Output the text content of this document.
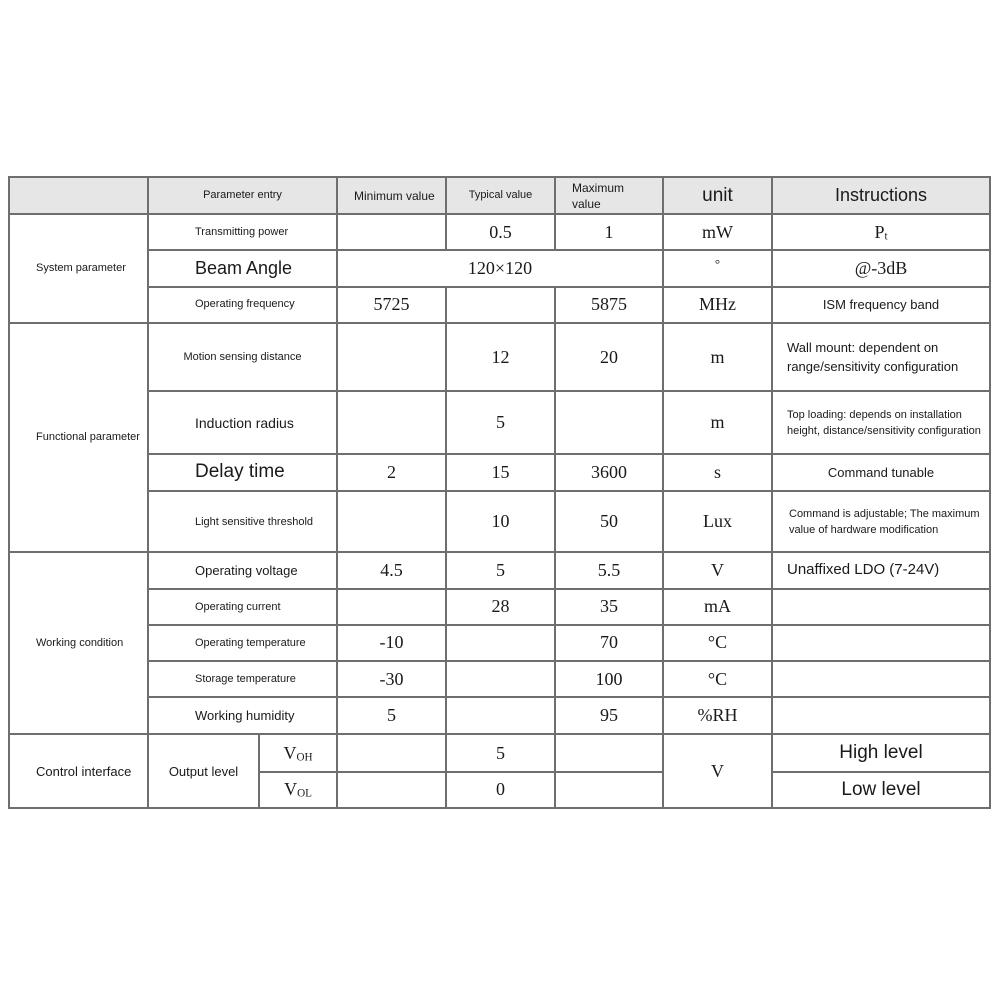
	Parameter entry		Minimum value	Typical value	Maximum value	unit	Instructions
System parameter	Transmitting power			0.5	1	mW	Pt
	Beam Angle		120×120			°	@-3dB
	Operating frequency		5725		5875	MHz	ISM frequency band
Functional parameter	Motion sensing distance			12	20	m	Wall mount: dependent on range/sensitivity configuration
	Induction radius			5		m	Top loading: depends on installation height, distance/sensitivity configuration
	Delay time		2	15	3600	s	Command tunable
	Light sensitive threshold			10	50	Lux	Command is adjustable; The maximum value of hardware modification
Working condition	Operating voltage		4.5	5	5.5	V	Unaffixed LDO (7-24V)
	Operating current			28	35	mA	
	Operating temperature		-10		70	°C	
	Storage temperature		-30		100	°C	
	Working humidity		5		95	%RH	
Control interface	Output level	VOH		5		V	High level
		VOL		0			Low level
